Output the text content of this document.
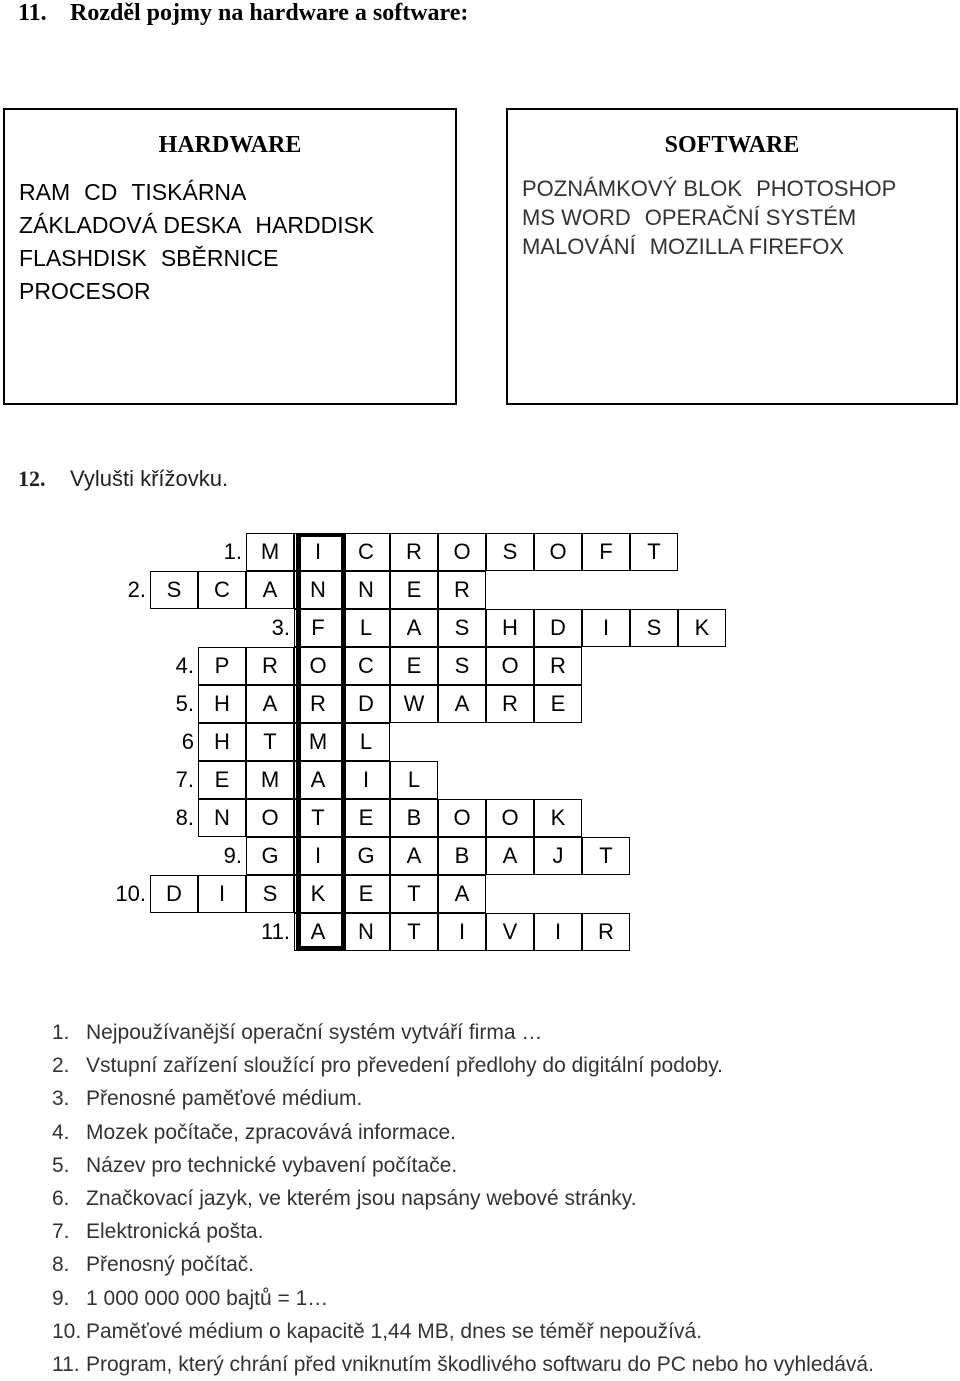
11. Rozděl pojmy na hardware a software:
HARDWARE
RAM CD TISKÁRNA
ZÁKLADOVÁ DESKA HARDDISK
FLASHDISK SBĚRNICE
PROCESOR
SOFTWARE
POZNÁMKOVÝ BLOK PHOTOSHOP
MS WORD OPERAČNÍ SYSTÉM
MALOVÁNÍ MOZILLA FIREFOX
12. Vylušti křížovku.
1. M	I	C	R	O	S	O	F	T
2. S	C	A	N	N	E	R
3. F	L	A	S	H	D	I	S	K
4. P	R	O	C	E	S	O	R
5. H	A	R	D	W	A	R	E
6 H	T	M	L
7. E	M	A	I	L
8. N	O	T	E	B	O	O	K
9. G	I	G	A	B	A	J	T
10. D	I	S	K	E	T	A
11. A	N	T	I	V	I	R
1. Nejpoužívanější operační systém vytváří firma …
2. Vstupní zařízení sloužící pro převedení předlohy do digitální podoby.
3. Přenosné paměťové médium.
4. Mozek počítače, zpracovává informace.
5. Název pro technické vybavení počítače.
6. Značkovací jazyk, ve kterém jsou napsány webové stránky.
7. Elektronická pošta.
8. Přenosný počítač.
9. 1 000 000 000 bajtů = 1…
10. Paměťové médium o kapacitě 1,44 MB, dnes se téměř nepoužívá.
11. Program, který chrání před vniknutím škodlivého softwaru do PC nebo ho vyhledává.
